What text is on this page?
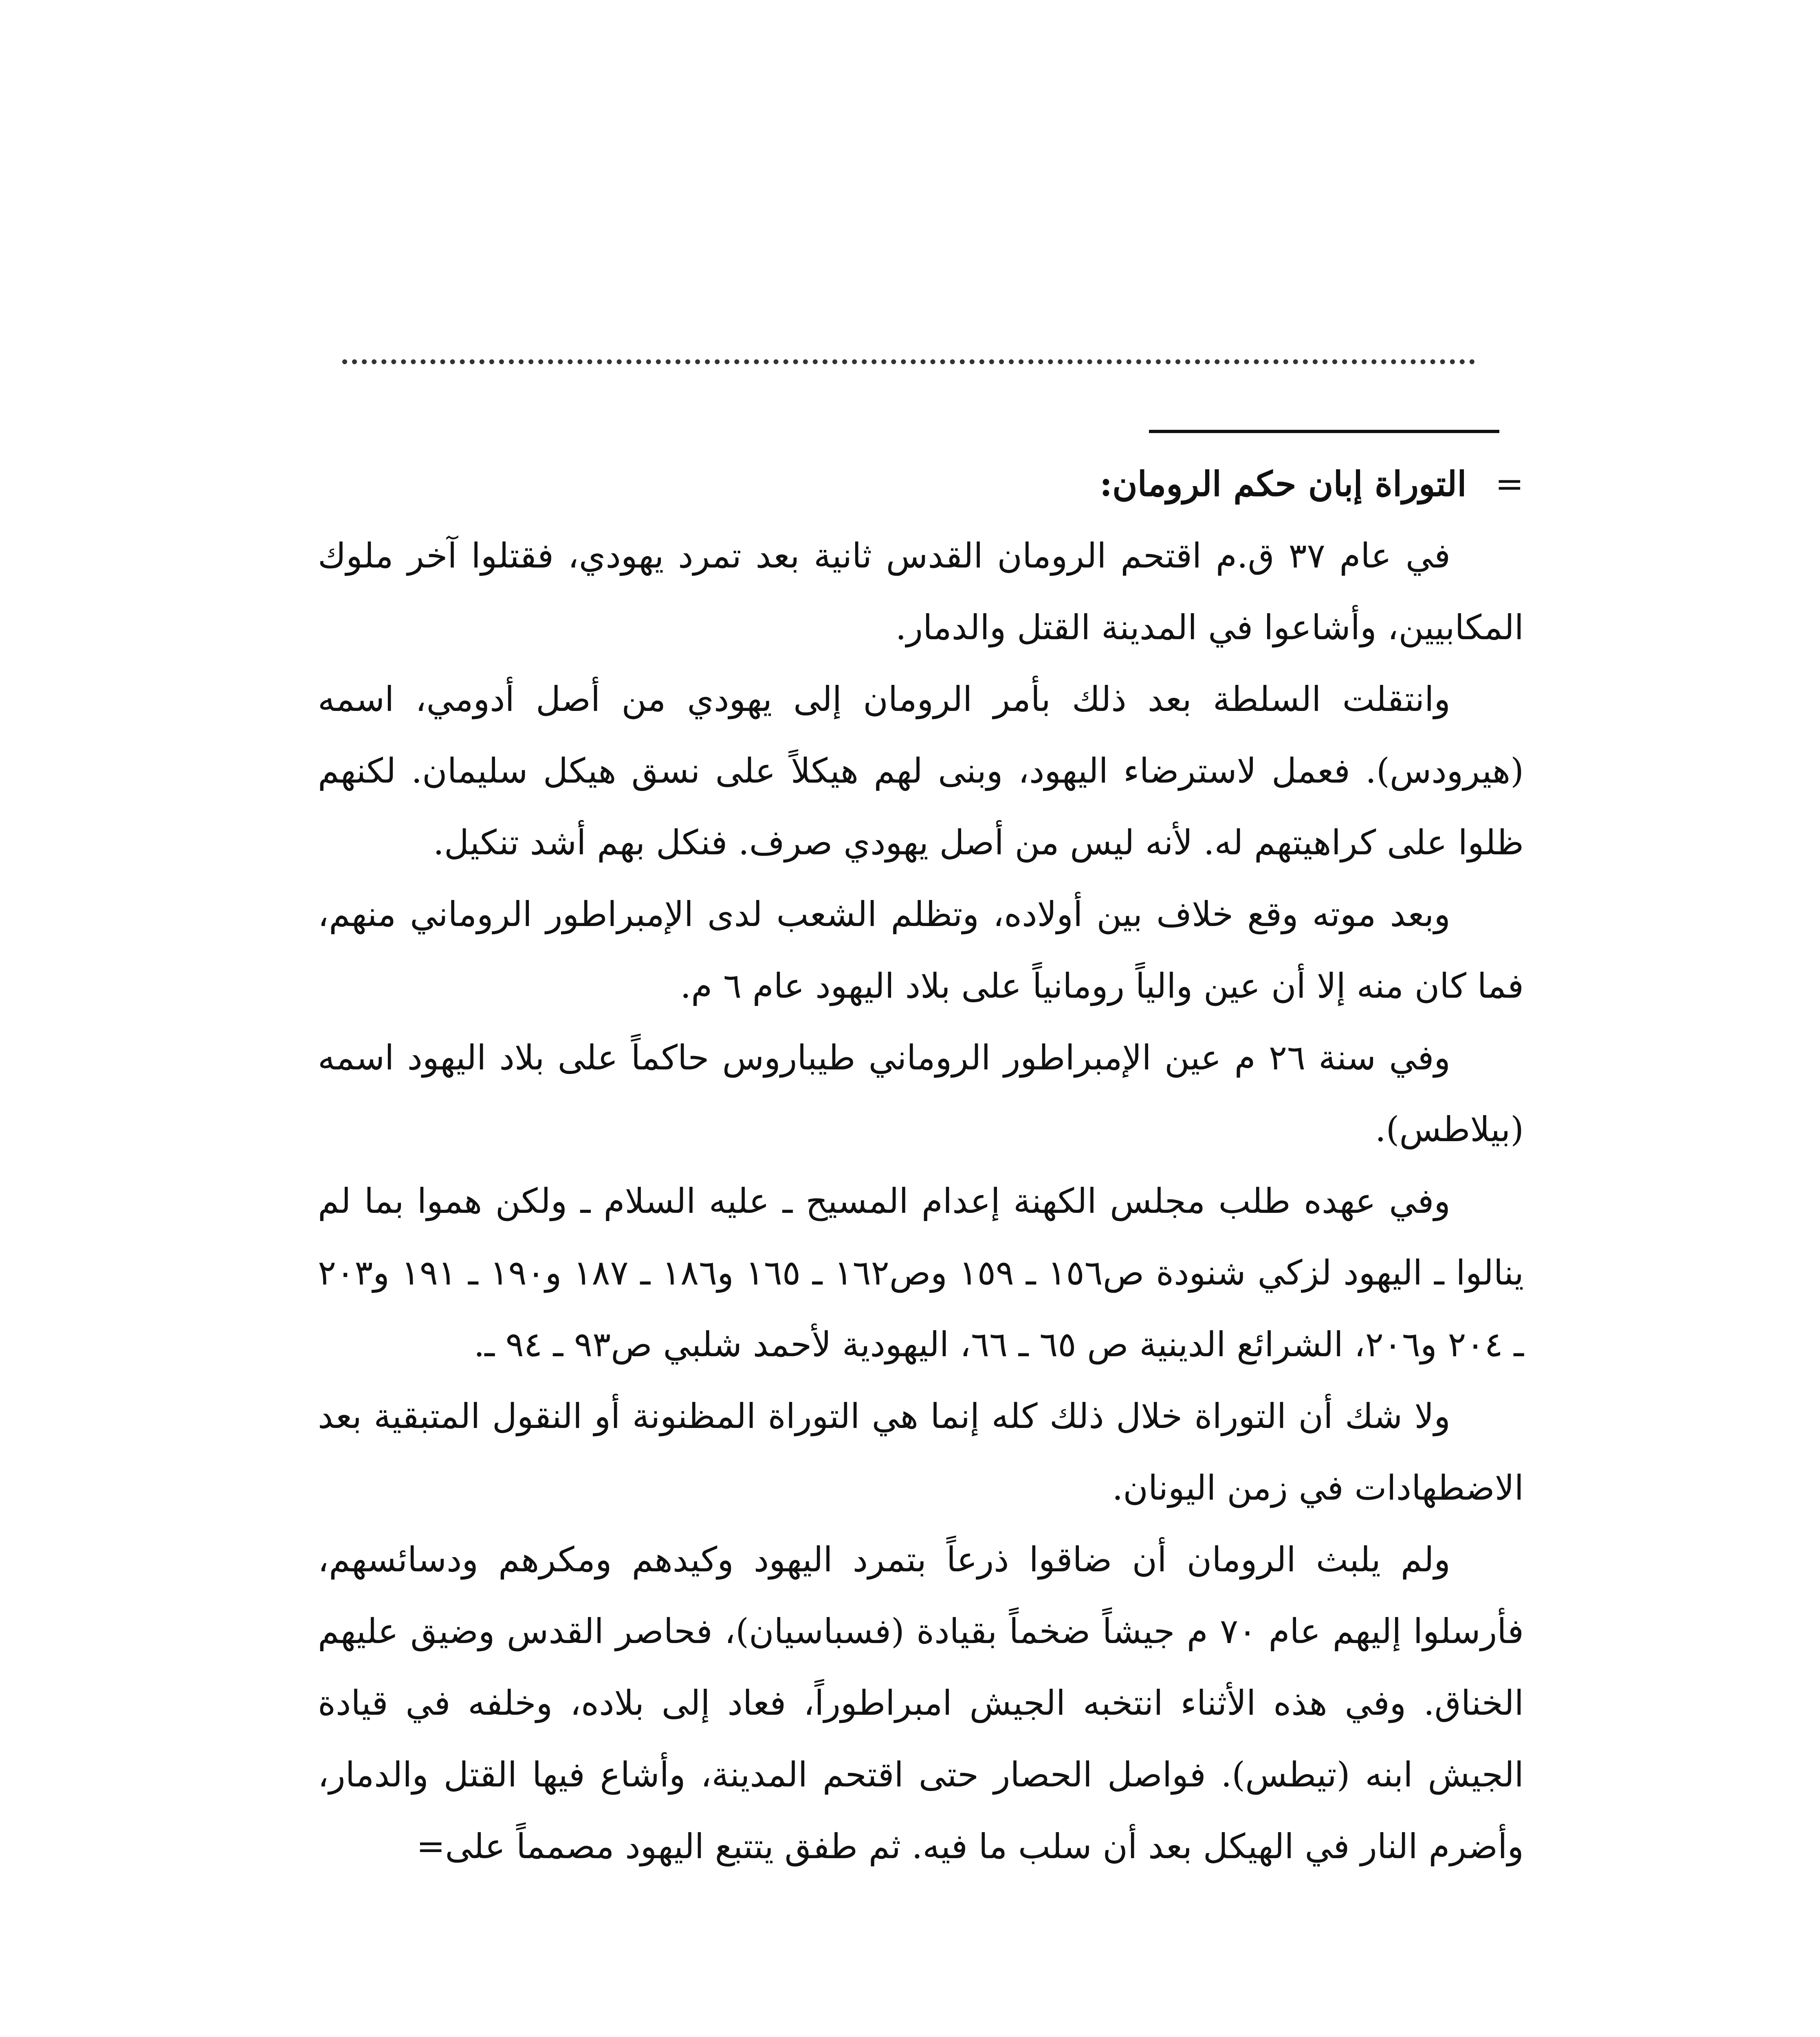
=
التوراة إبان حكم الرومان:

في عام ٣٧ ق.م اقتحم الرومان القدس ثانية بعد تمرد يهودي، فقتلوا آخر ملوك المكابيين، وأشاعوا في المدينة القتل والدمار.

وانتقلت السلطة بعد ذلك بأمر الرومان إلى يهودي من أصل أدومي، اسمه (هيرودس). فعمل لاسترضاء اليهود، وبنى لهم هيكلاً على نسق هيكل سليمان. لكنهم ظلوا على كراهيتهم له. لأنه ليس من أصل يهودي صرف. فنكل بهم أشد تنكيل.

وبعد موته وقع خلاف بين أولاده، وتظلم الشعب لدى الإمبراطور الروماني منهم، فما كان منه إلا أن عين والياً رومانياً على بلاد اليهود عام ٦ م.

وفي سنة ٢٦ م عين الإمبراطور الروماني طيباروس حاكماً على بلاد اليهود اسمه (بيلاطس).

وفي عهده طلب مجلس الكهنة إعدام المسيح ـ عليه السلام ـ ولكن هموا بما لم ينالوا ـ اليهود لزكي شنودة ص١٥٦ ـ ١٥٩ وص١٦٢ ـ ١٦٥ و١٨٦ ـ ١٨٧ و١٩٠ ـ ١٩١ و٢٠٣ ـ ٢٠٤ و٢٠٦، الشرائع الدينية ص ٦٥ ـ ٦٦، اليهودية لأحمد شلبي ص٩٣ ـ ٩٤ ـ.

ولا شك أن التوراة خلال ذلك كله إنما هي التوراة المظنونة أو النقول المتبقية بعد الاضطهادات في زمن اليونان.

ولم يلبث الرومان أن ضاقوا ذرعاً بتمرد اليهود وكيدهم ومكرهم ودسائسهم، فأرسلوا إليهم عام ٧٠ م جيشاً ضخماً بقيادة (فسباسيان)، فحاصر القدس وضيق عليهم الخناق. وفي هذه الأثناء انتخبه الجيش امبراطوراً، فعاد إلى بلاده، وخلفه في قيادة الجيش ابنه (تيطس). فواصل الحصار حتى اقتحم المدينة، وأشاع فيها القتل والدمار، وأضرم النار في الهيكل بعد أن سلب ما فيه. ثم طفق يتتبع اليهود مصمماً على=
